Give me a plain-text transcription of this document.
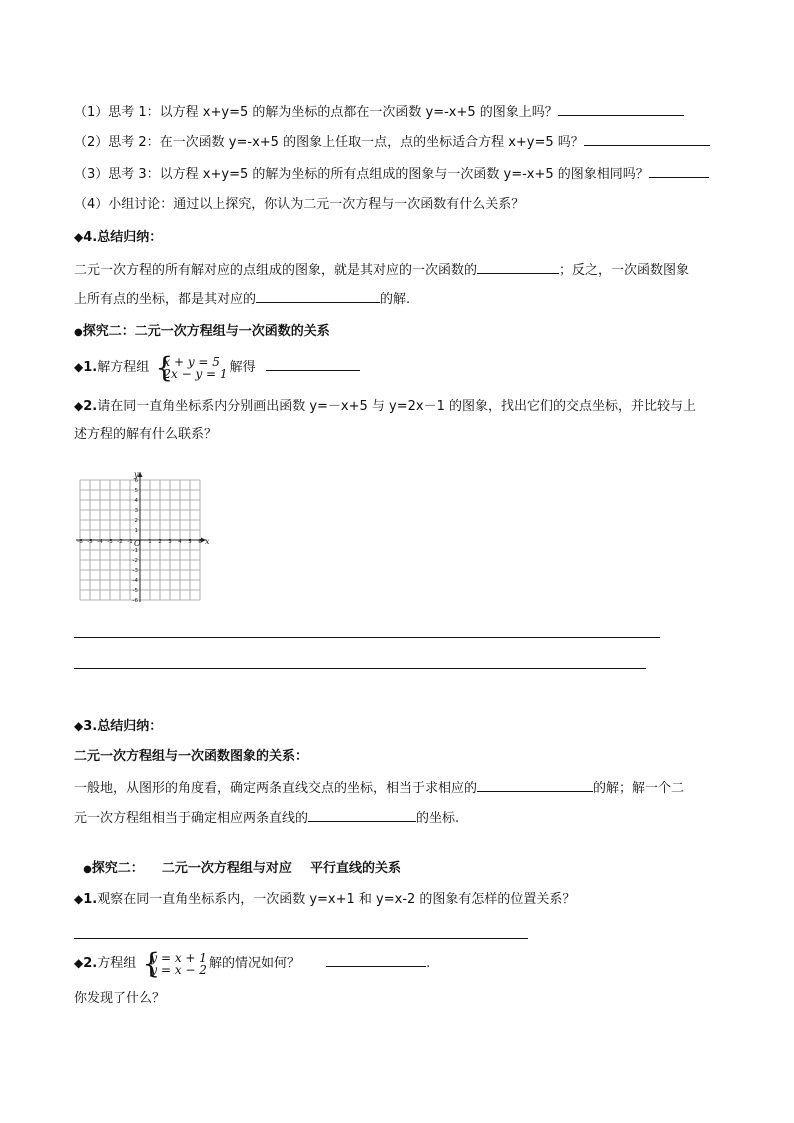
（1）思考 1：以方程 x+y=5 的解为坐标的点都在一次函数 y=-x+5 的图象上吗？
（2）思考 2：在一次函数 y=-x+5 的图象上任取一点，点的坐标适合方程 x+y=5 吗？
（3）思考 3：以方程 x+y=5 的解为坐标的所有点组成的图象与一次函数 y=-x+5 的图象相同吗？
（4）小组讨论：通过以上探究，你认为二元一次方程与一次函数有什么关系？
◆4.总结归纳：
二元一次方程的所有解对应的点组成的图象，就是其对应的一次函数的	；反之，一次函数图象
上所有点的坐标，都是其对应的	的解.
●探究二：二元一次方程组与一次函数的关系
◆1.解方程组 {
x + y = 5
2x − y = 1 解得
◆2.请在同一直角坐标系内分别画出函数 y=－x+5 与 y=2x－1 的图象，找出它们的交点坐标，并比较与上
述方程的解有什么联系？
-6 -5 -4 -3 -2 -1	1 2 3 4 5 6
6
5
4
3
2
1
-1
-2
-3
-4
-5
-6
x
y
O
◆3.总结归纳：
二元一次方程组与一次函数图象的关系：
一般地，从图形的角度看，确定两条直线交点的坐标，相当于求相应的	的解；解一个二
元一次方程组相当于确定相应两条直线的	的坐标.

●探究二：    二元一次方程组与对应    平行直线的关系

◆1.观察在同一直角坐标系内，一次函数 y=x+1 和 y=x-2 的图象有怎样的位置关系？
◆2.方程组 {
y = x + 1
y = x − 2 解的情况如何？	.
你发现了什么？
